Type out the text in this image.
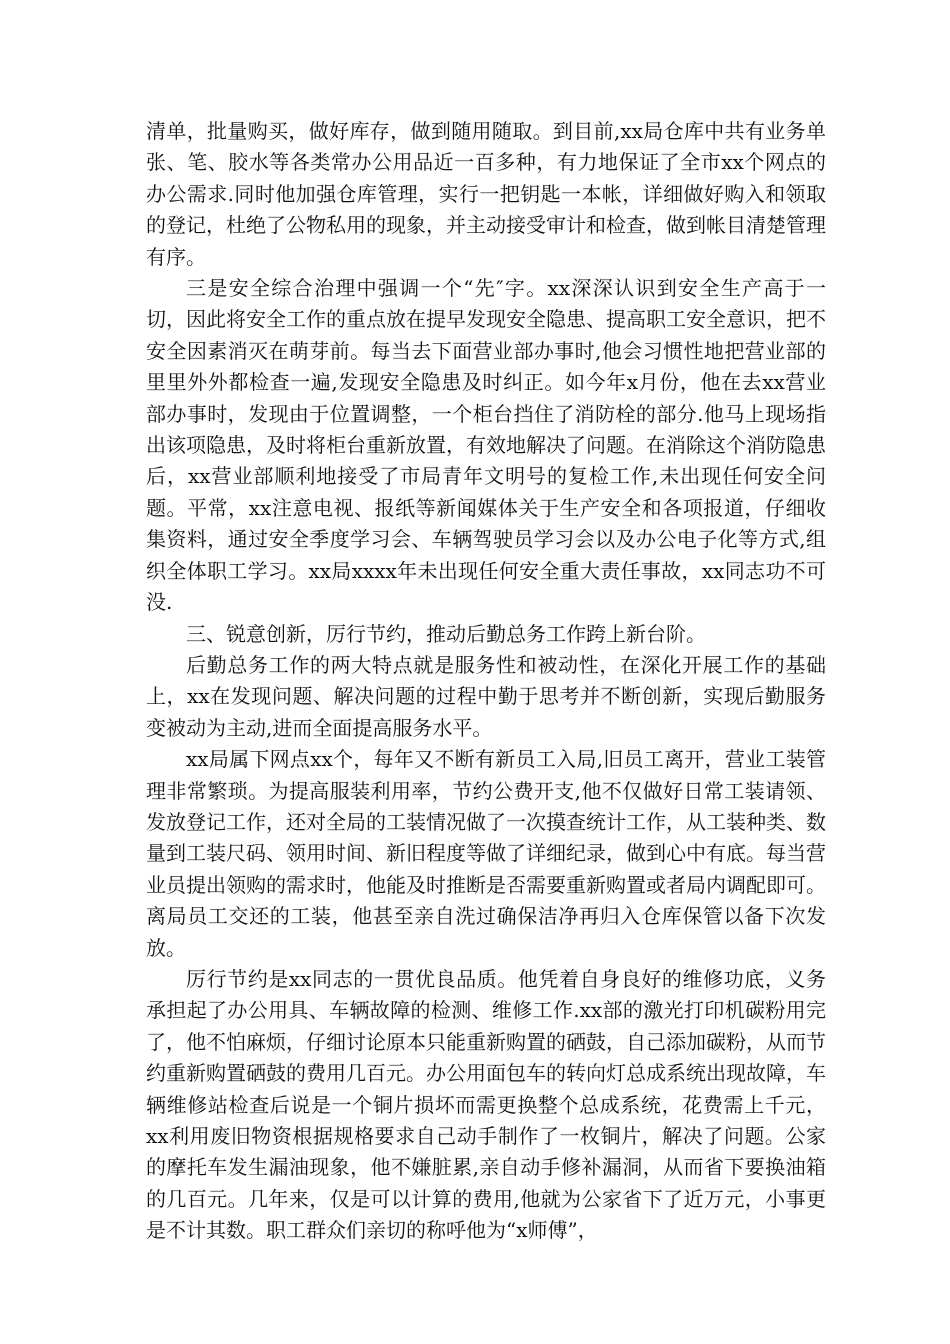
清单，批量购买，做好库存，做到随用随取。到目前,xx局仓库中共有业务单张、笔、胶水等各类常办公用品近一百多种，有力地保证了全市xx个网点的办公需求.同时他加强仓库管理，实行一把钥匙一本帐，详细做好购入和领取的登记，杜绝了公物私用的现象，并主动接受审计和检查，做到帐目清楚管理有序。

三是安全综合治理中强调一个“先″字。xx深深认识到安全生产高于一切，因此将安全工作的重点放在提早发现安全隐患、提高职工安全意识，把不安全因素消灭在萌芽前。每当去下面营业部办事时,他会习惯性地把营业部的里里外外都检查一遍,发现安全隐患及时纠正。如今年x月份，他在去xx营业部办事时，发现由于位置调整，一个柜台挡住了消防栓的部分.他马上现场指出该项隐患，及时将柜台重新放置，有效地解决了问题。在消除这个消防隐患后，xx营业部顺利地接受了市局青年文明号的复检工作,未出现任何安全问题。平常，xx注意电视、报纸等新闻媒体关于生产安全和各项报道，仔细收集资料，通过安全季度学习会、车辆驾驶员学习会以及办公电子化等方式,组织全体职工学习。xx局xxxx年未出现任何安全重大责任事故，xx同志功不可没.

三、锐意创新，厉行节约，推动后勤总务工作跨上新台阶。

后勤总务工作的两大特点就是服务性和被动性，在深化开展工作的基础上，xx在发现问题、解决问题的过程中勤于思考并不断创新，实现后勤服务变被动为主动,进而全面提高服务水平。

xx局属下网点xx个，每年又不断有新员工入局,旧员工离开，营业工装管理非常繁琐。为提高服装利用率，节约公费开支,他不仅做好日常工装请领、发放登记工作，还对全局的工装情况做了一次摸查统计工作，从工装种类、数量到工装尺码、领用时间、新旧程度等做了详细纪录，做到心中有底。每当营业员提出领购的需求时，他能及时推断是否需要重新购置或者局内调配即可。离局员工交还的工装，他甚至亲自洗过确保洁净再归入仓库保管以备下次发放。

厉行节约是xx同志的一贯优良品质。他凭着自身良好的维修功底，义务承担起了办公用具、车辆故障的检测、维修工作.xx部的激光打印机碳粉用完了，他不怕麻烦，仔细讨论原本只能重新购置的硒鼓，自己添加碳粉，从而节约重新购置硒鼓的费用几百元。办公用面包车的转向灯总成系统出现故障，车辆维修站检查后说是一个铜片损坏而需更换整个总成系统，花费需上千元，xx利用废旧物资根据规格要求自己动手制作了一枚铜片，解决了问题。公家的摩托车发生漏油现象，他不嫌脏累,亲自动手修补漏洞，从而省下要换油箱的几百元。几年来，仅是可以计算的费用,他就为公家省下了近万元，小事更是不计其数。职工群众们亲切的称呼他为“x师傅”，
